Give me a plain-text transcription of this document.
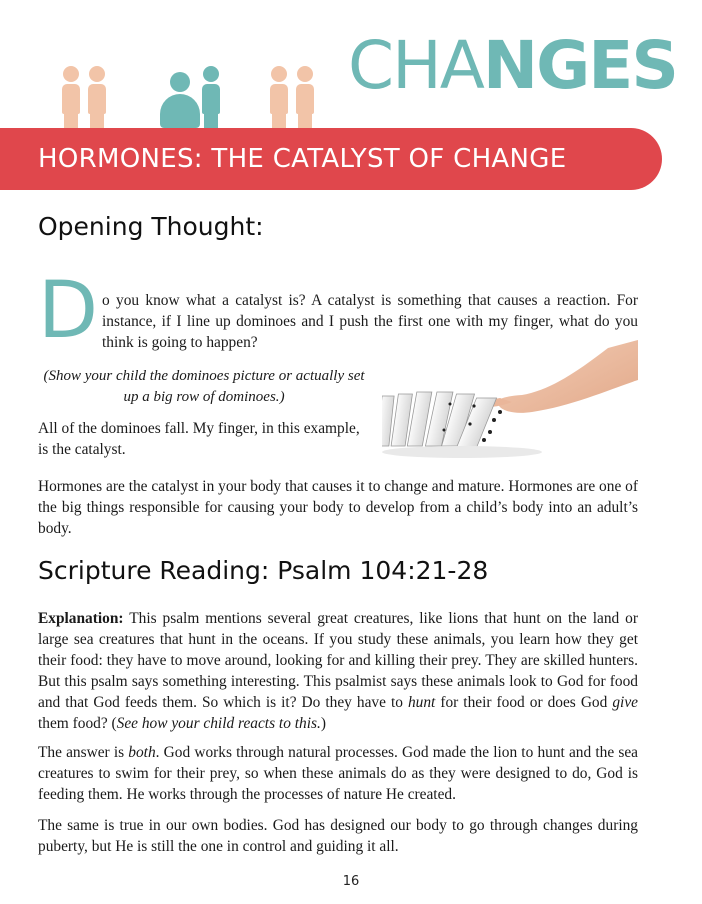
CHANGES
HORMONES: THE CATALYST OF CHANGE
Opening Thought:
D o you know what a catalyst is? A catalyst is something that causes a reaction. For instance, if I line up dominoes and I push the first one with my finger, what do you think is going to happen?

(Show your child the dominoes picture or actually set up a big row of dominoes.)

All of the dominoes fall. My finger, in this example, is the catalyst.

Hormones are the catalyst in your body that causes it to change and mature. Hormones are one of the big things responsible for causing your body to develop from a child’s body into an adult’s body.

Scripture Reading: Psalm 104:21-28

Explanation: This psalm mentions several great creatures, like lions that hunt on the land or large sea creatures that hunt in the oceans. If you study these animals, you learn how they get their food: they have to move around, looking for and killing their prey. They are skilled hunters. But this psalm says something interesting. This psalmist says these animals look to God for food and that God feeds them. So which is it? Do they have to hunt for their food or does God give them food? (See how your child reacts to this.)

The answer is both. God works through natural processes. God made the lion to hunt and the sea creatures to swim for their prey, so when these animals do as they were designed to do, God is feeding them. He works through the processes of nature He created.

The same is true in our own bodies. God has designed our body to go through changes during puberty, but He is still the one in control and guiding it all.

16
